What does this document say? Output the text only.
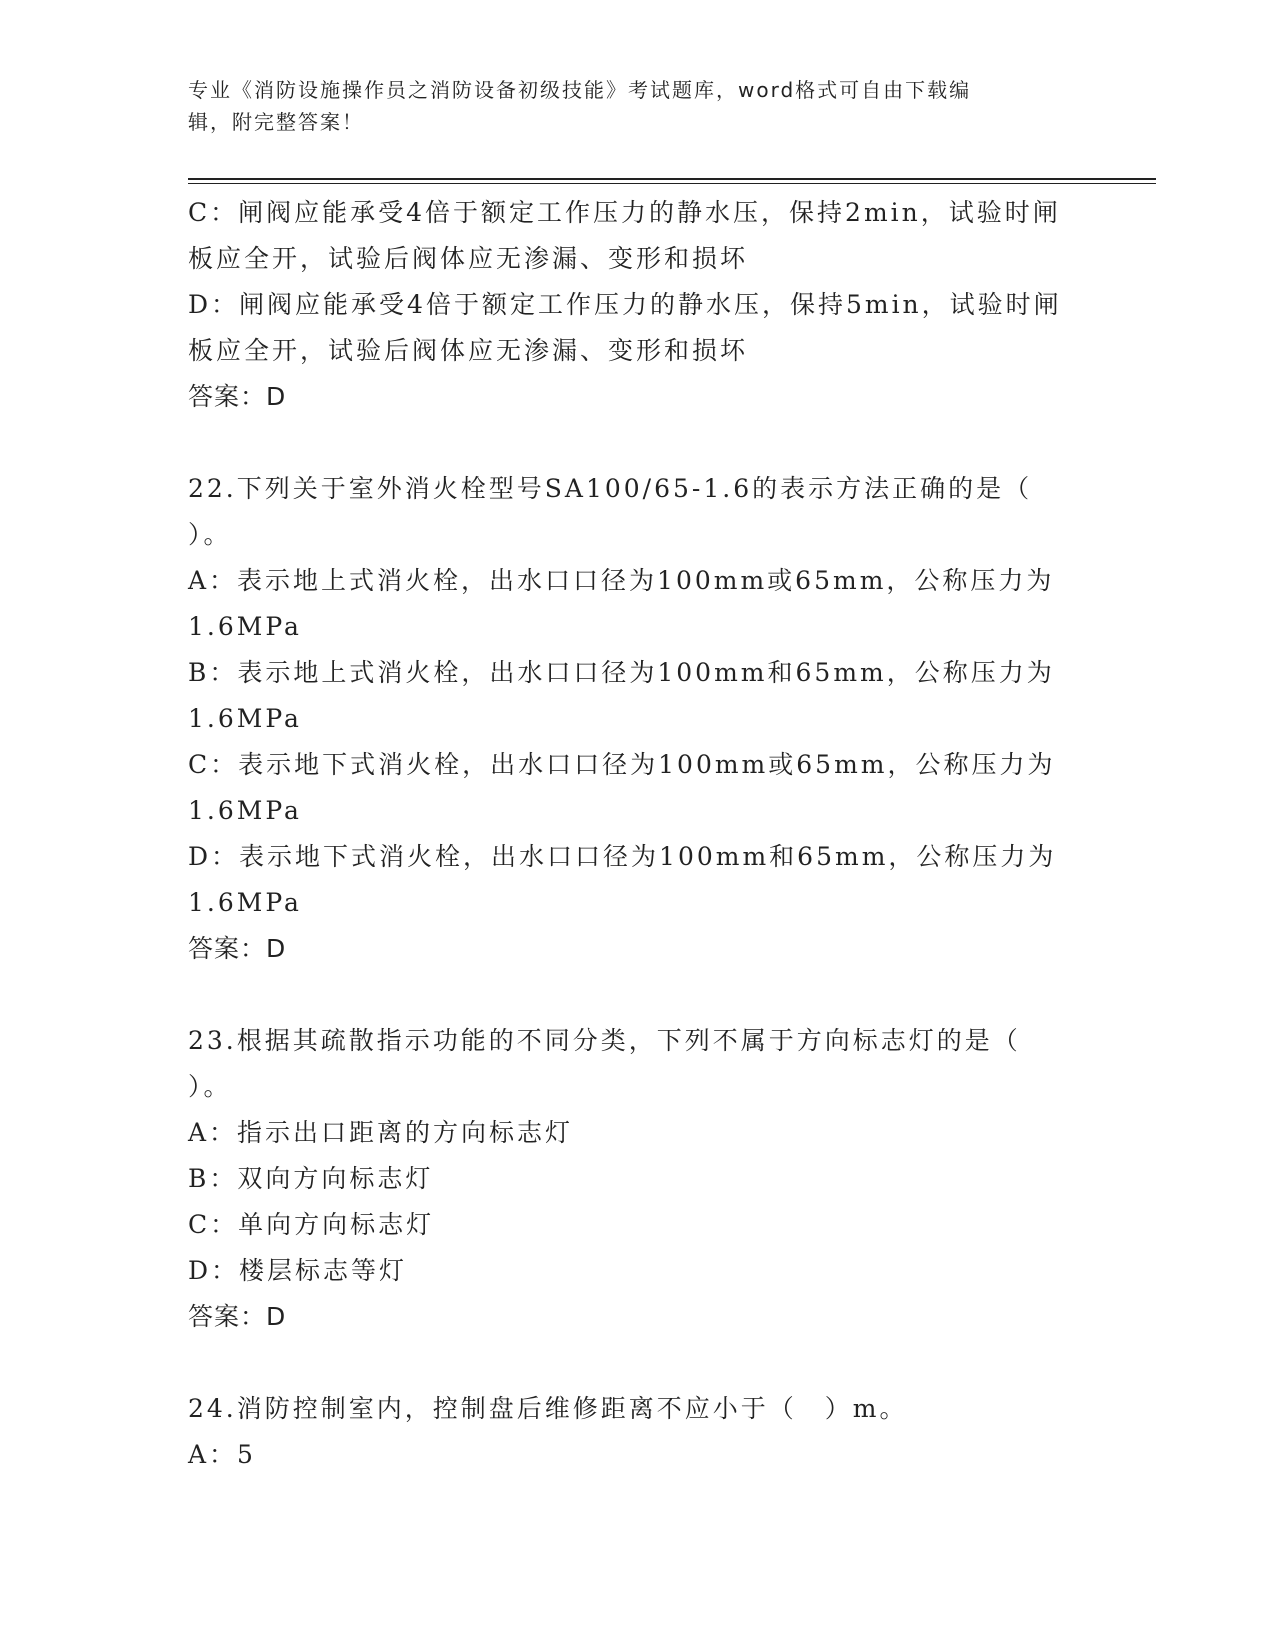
专业《消防设施操作员之消防设备初级技能》考试题库，word格式可自由下载编
辑，附完整答案！
C：闸阀应能承受4倍于额定工作压力的静水压，保持2min，试验时闸
板应全开，试验后阀体应无渗漏、变形和损坏
D：闸阀应能承受4倍于额定工作压力的静水压，保持5min，试验时闸
板应全开，试验后阀体应无渗漏、变形和损坏
答案：D
22.下列关于室外消火栓型号SA100/65-1.6的表示方法正确的是（
）。
A：表示地上式消火栓，出水口口径为100mm或65mm，公称压力为
1.6MPa
B：表示地上式消火栓，出水口口径为100mm和65mm，公称压力为
1.6MPa
C：表示地下式消火栓，出水口口径为100mm或65mm，公称压力为
1.6MPa
D：表示地下式消火栓，出水口口径为100mm和65mm，公称压力为
1.6MPa
答案：D
23.根据其疏散指示功能的不同分类，下列不属于方向标志灯的是（
）。
A：指示出口距离的方向标志灯
B：双向方向标志灯
C：单向方向标志灯
D：楼层标志等灯
答案：D
24.消防控制室内，控制盘后维修距离不应小于（　）m。
A：5
